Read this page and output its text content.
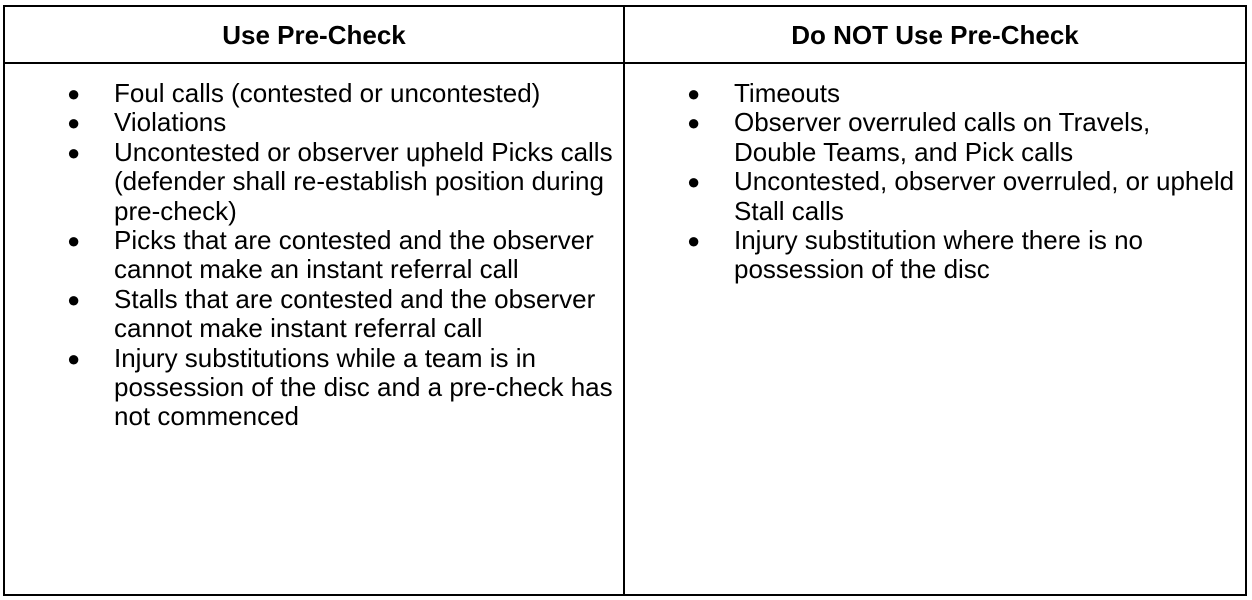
Use Pre-Check	Do NOT Use Pre-Check
● Foul calls (contested or uncontested)
● Violations
● Uncontested or observer upheld Picks calls (defender shall re-establish position during pre-check)
● Picks that are contested and the observer cannot make an instant referral call
● Stalls that are contested and the observer cannot make instant referral call
● Injury substitutions while a team is in possession of the disc and a pre-check has not commenced
● Timeouts
● Observer overruled calls on Travels, Double Teams, and Pick calls
● Uncontested, observer overruled, or upheld Stall calls
● Injury substitution where there is no possession of the disc
